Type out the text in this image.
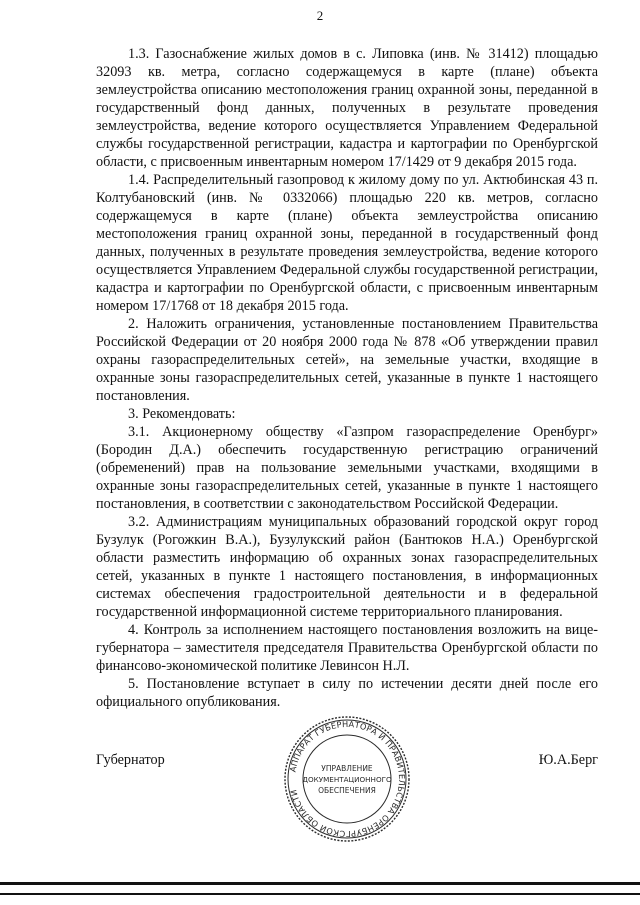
2

1.3. Газоснабжение жилых домов в с. Липовка (инв. № 31412) площадью 32093 кв. метра, согласно содержащемуся в карте (плане) объекта землеустройства описанию местоположения границ охранной зоны, переданной в государственный фонд данных, полученных в результате проведения землеустройства, ведение которого осуществляется Управлением Федеральной службы государственной регистрации, кадастра и картографии по Оренбургской области, с присвоенным инвентарным номером 17/1429 от 9 декабря 2015 года.

1.4. Распределительный газопровод к жилому дому по ул. Актюбинская 43 п. Колтубановский (инв. № 0332066) площадью 220 кв. метров, согласно содержащемуся в карте (плане) объекта землеустройства описанию местоположения границ охранной зоны, переданной в государственный фонд данных, полученных в результате проведения землеустройства, ведение которого осуществляется Управлением Федеральной службы государственной регистрации, кадастра и картографии по Оренбургской области, с присвоенным инвентарным номером 17/1768 от 18 декабря 2015 года.

2. Наложить ограничения, установленные постановлением Правительства Российской Федерации от 20 ноября 2000 года № 878 «Об утверждении правил охраны газораспределительных сетей», на земельные участки, входящие в охранные зоны газораспределительных сетей, указанные в пункте 1 настоящего постановления.

3. Рекомендовать:

3.1. Акционерному обществу «Газпром газораспределение Оренбург» (Бородин Д.А.) обеспечить государственную регистрацию ограничений (обременений) прав на пользование земельными участками, входящими в охранные зоны газораспределительных сетей, указанные в пункте 1 настоящего постановления, в соответствии с законодательством Российской Федерации.

3.2. Администрациям муниципальных образований городской округ город Бузулук (Рогожкин В.А.), Бузулукский район (Бантюков Н.А.) Оренбургской области разместить информацию об охранных зонах газораспределительных сетей, указанных в пункте 1 настоящего постановления, в информационных системах обеспечения градостроительной деятельности и в федеральной государственной информационной системе территориального планирования.

4. Контроль за исполнением настоящего постановления возложить на вице-губернатора – заместителя председателя Правительства Оренбургской области по финансово-экономической политике Левинсон Н.Л.

5. Постановление вступает в силу по истечении десяти дней после его официального опубликования.

Губернатор	Ю.А.Берг
АППАРАТ ГУБЕРНАТОРА И ПРАВИТЕЛЬСТВА ОРЕНБУРГСКОЙ ОБЛАСТИ
УПРАВЛЕНИЕ
ДОКУМЕНТАЦИОННОГО
ОБЕСПЕЧЕНИЯ
